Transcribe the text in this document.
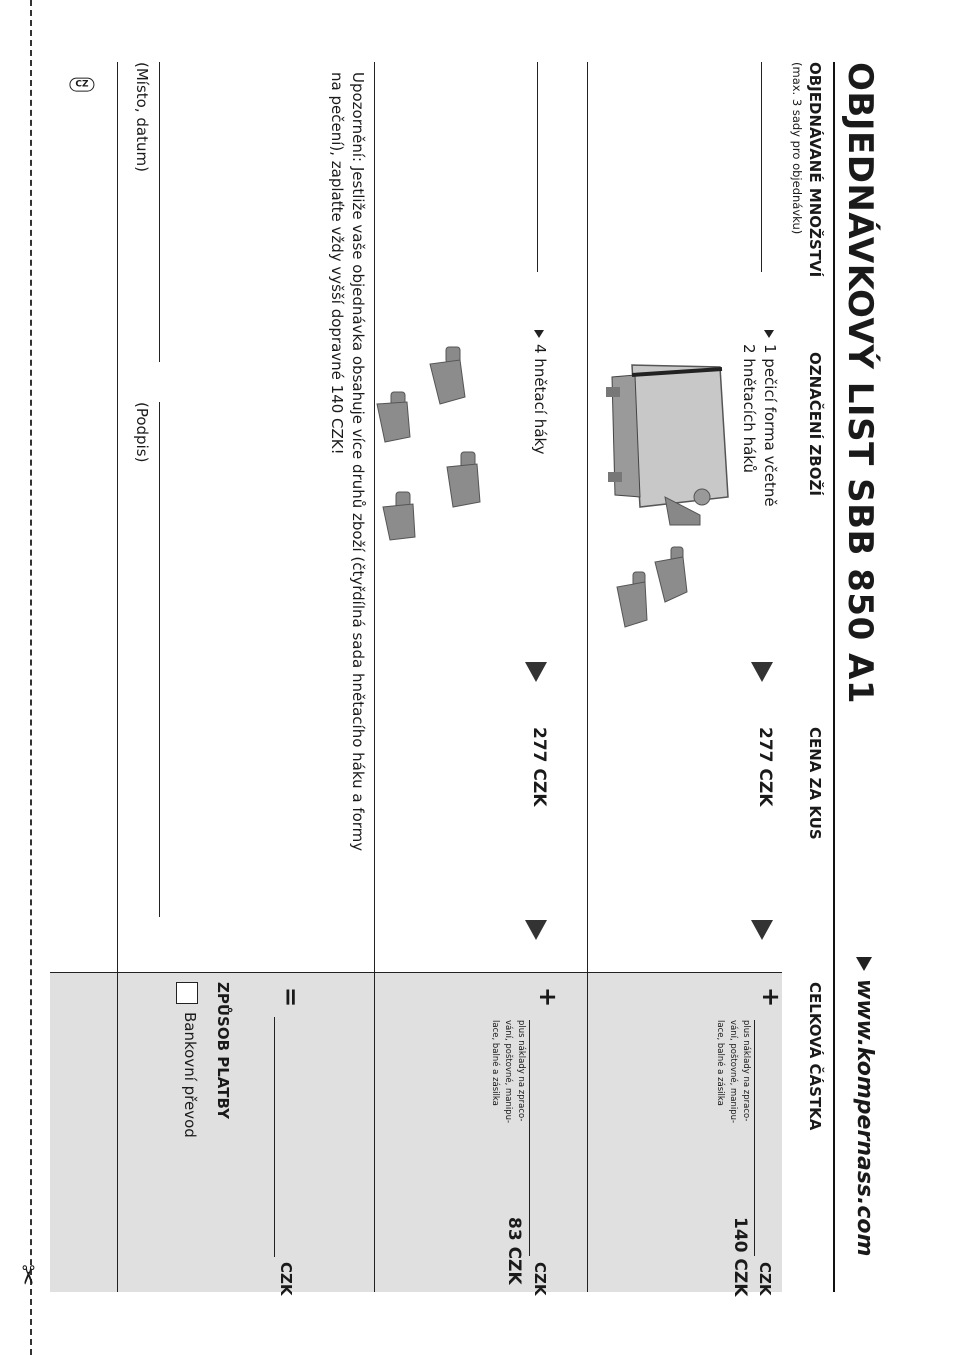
✂
OBJEDNÁVKOVÝ LIST SBB 850 A1
www.kompernass.com
OBJEDNÁVANÉ MNOŽSTVÍ
(max. 3 sady pro objednávku)
OZNAČENÍ ZBOŽÍ
CENA ZA KUS
CELKOVÁ ČÁSTKA
1 pečicí forma včetně
2 hnětacích háků
277 CZK
+
CZK
plus náklady na zpraco-
vání, poštovné, manipu-
lace, balné a zásilka
140 CZK
4 hnětací háky
277 CZK
+
CZK
plus náklady na zpraco-
vání, poštovné, manipu-
lace, balné a zásilka
83 CZK
Upozornění: Jestliže vaše objednávka obsahuje více druhů zboží (čtyřdílná sada hnětacího háku a formy
na pečení), zaplaťte vždy vyšší dopravné 140 CZK!
=
CZK
ZPŮSOB PLATBY
Bankovní převod
(Místo, datum)
(Podpis)
CZ
